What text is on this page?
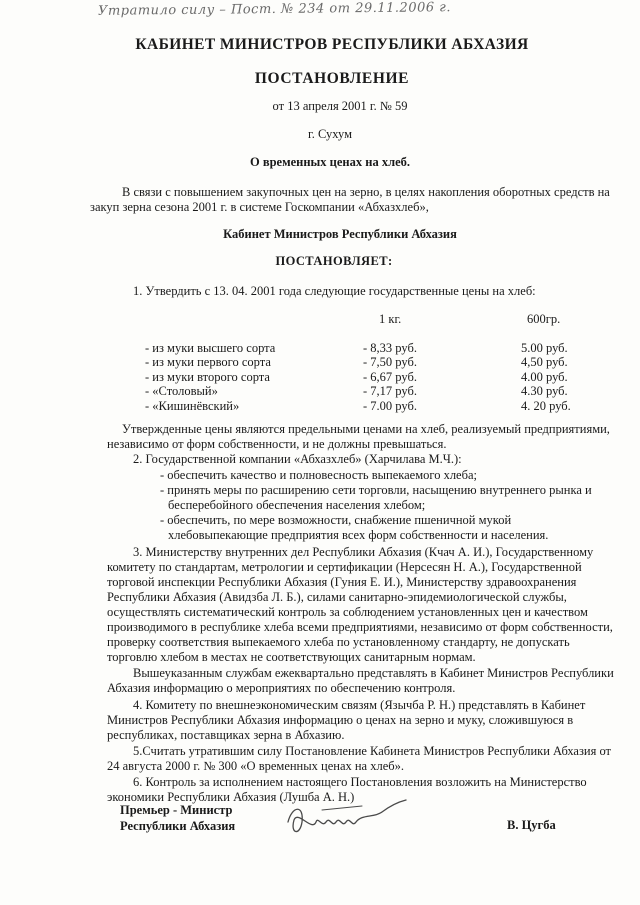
Утратило силу – Пост. № 234 от 29.11.2006 г.
КАБИНЕТ МИНИСТРОВ РЕСПУБЛИКИ АБХАЗИЯ
ПОСТАНОВЛЕНИЕ
от 13 апреля 2001 г. № 59
г. Сухум
О временных ценах на хлеб.
В связи с повышением закупочных цен на зерно, в целях накопления оборотных средств на
закуп зерна сезона 2001 г. в системе Госкомпании «Абхазхлеб»,
Кабинет Министров Республики Абхазия
ПОСТАНОВЛЯЕТ:
1. Утвердить с 13. 04. 2001 года следующие государственные цены на хлеб:
	1 кг.	600гр.

- из муки высшего сорта	- 8,33 руб.	5.00 руб.
- из муки первого сорта	- 7,50 руб.	4,50 руб.
- из муки второго сорта	- 6,67 руб.	4.00 руб.
- «Столовый»	- 7,17 руб.	4.30 руб.
- «Кишинёвский»	- 7.00 руб.	4. 20 руб.
Утвержденные цены являются предельными ценами на хлеб, реализуемый предприятиями,
независимо от форм собственности, и не должны превышаться.
2. Государственной компании «Абхазхлеб» (Харчилава М.Ч.):
- обеспечить качество и полновесность выпекаемого хлеба;
- принять меры по расширению сети торговли, насыщению внутреннего рынка и
бесперебойного обеспечения населения хлебом;
- обеспечить, по мере возможности, снабжение пшеничной мукой
хлебовыпекающие предприятия всех форм собственности и населения.
3. Министерству внутренних дел Республики Абхазия (Кчач А. И.), Государственному
комитету по стандартам, метрологии и сертификации (Нерсесян Н. А.), Государственной
торговой инспекции Республики Абхазия (Гуния Е. И.), Министерству здравоохранения
Республики Абхазия (Авидзба Л. Б.), силами санитарно-эпидемиологической службы,
осуществлять систематический контроль за соблюдением установленных цен и качеством
производимого в республике хлеба всеми предприятиями, независимо от форм собственности,
проверку соответствия выпекаемого хлеба по установленному стандарту, не допускать
торговлю хлебом в местах не соответствующих санитарным нормам.
Вышеуказанным службам ежеквартально представлять в Кабинет Министров Республики
Абхазия информацию о мероприятиях по обеспечению контроля.
4. Комитету по внешнеэкономическим связям (Язычба Р. Н.) представлять в Кабинет
Министров Республики Абхазия информацию о ценах на зерно и муку, сложившуюся в
республиках, поставщиках зерна в Абхазию.
5.Считать утратившим силу Постановление Кабинета Министров Республики Абхазия от
24 августа 2000 г. № 300 «О временных ценах на хлеб».
6. Контроль за исполнением настоящего Постановления возложить на Министерство
экономики Республики Абхазия (Лушба А. Н.)
Премьер - Министр
Республики Абхазия	В. Цугба
